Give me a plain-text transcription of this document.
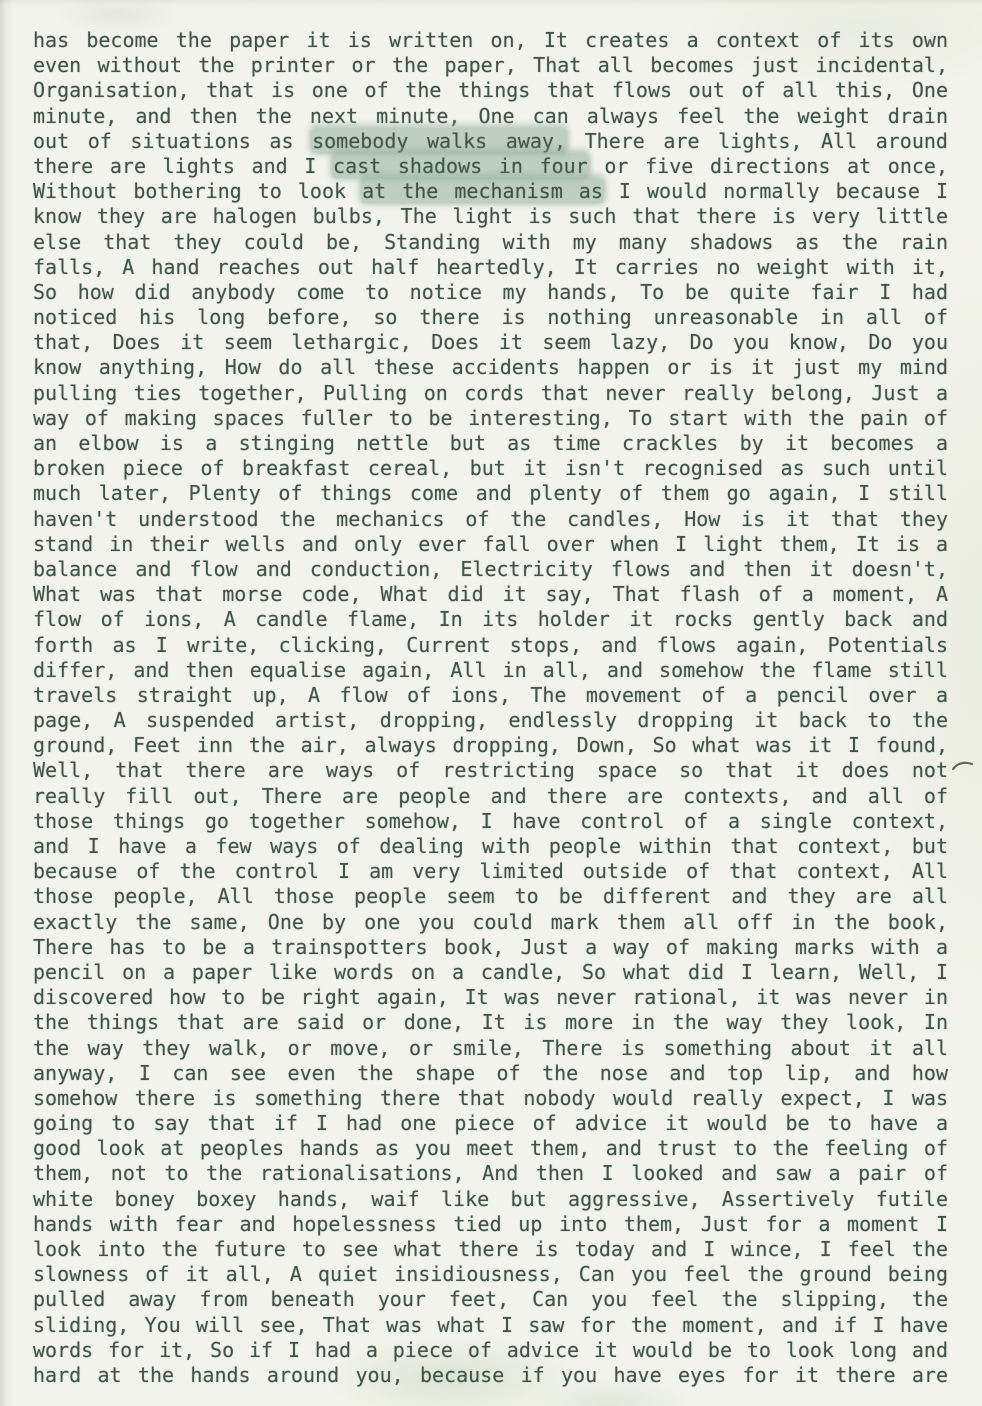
has become the paper it is written on, It creates a context of its own
even without the printer or the paper, That all becomes just incidental,
Organisation, that is one of the things that flows out of all this, One
minute, and then the next minute, One can always feel the weight drain
out of situations as somebody walks away, There are lights, All around
there are lights and I cast shadows in four or five directions at once,
Without bothering to look at the mechanism as I would normally because I
know they are halogen bulbs, The light is such that there is very little
else that they could be, Standing with my many shadows as the rain
falls, A hand reaches out half heartedly, It carries no weight with it,
So how did anybody come to notice my hands, To be quite fair I had
noticed his long before, so there is nothing unreasonable in all of
that, Does it seem lethargic, Does it seem lazy, Do you know, Do you
know anything, How do all these accidents happen or is it just my mind
pulling ties together, Pulling on cords that never really belong, Just a
way of making spaces fuller to be interesting, To start with the pain of
an elbow is a stinging nettle but as time crackles by it becomes a
broken piece of breakfast cereal, but it isn't recognised as such until
much later, Plenty of things come and plenty of them go again, I still
haven't understood the mechanics of the candles, How is it that they
stand in their wells and only ever fall over when I light them, It is a
balance and flow and conduction, Electricity flows and then it doesn't,
What was that morse code, What did it say, That flash of a moment, A
flow of ions, A candle flame, In its holder it rocks gently back and
forth as I write, clicking, Current stops, and flows again, Potentials
differ, and then equalise again, All in all, and somehow the flame still
travels straight up, A flow of ions, The movement of a pencil over a
page, A suspended artist, dropping, endlessly dropping it back to the
ground, Feet inn the air, always dropping, Down, So what was it I found,
Well, that there are ways of restricting space so that it does not
really fill out, There are people and there are contexts, and all of
those things go together somehow, I have control of a single context,
and I have a few ways of dealing with people within that context, but
because of the control I am very limited outside of that context, All
those people, All those people seem to be different and they are all
exactly the same, One by one you could mark them all off in the book,
There has to be a trainspotters book, Just a way of making marks with a
pencil on a paper like words on a candle, So what did I learn, Well, I
discovered how to be right again, It was never rational, it was never in
the things that are said or done, It is more in the way they look, In
the way they walk, or move, or smile, There is something about it all
anyway, I can see even the shape of the nose and top lip, and how
somehow there is something there that nobody would really expect, I was
going to say that if I had one piece of advice it would be to have a
good look at peoples hands as you meet them, and trust to the feeling of
them, not to the rationalisations, And then I looked and saw a pair of
white boney boxey hands, waif like but aggressive, Assertively futile
hands with fear and hopelessness tied up into them, Just for a moment I
look into the future to see what there is today and I wince, I feel the
slowness of it all, A quiet insidiousness, Can you feel the ground being
pulled away from beneath your feet, Can you feel the slipping, the
sliding, You will see, That was what I saw for the moment, and if I have
words for it, So if I had a piece of advice it would be to look long and
hard at the hands around you, because if you have eyes for it there are
